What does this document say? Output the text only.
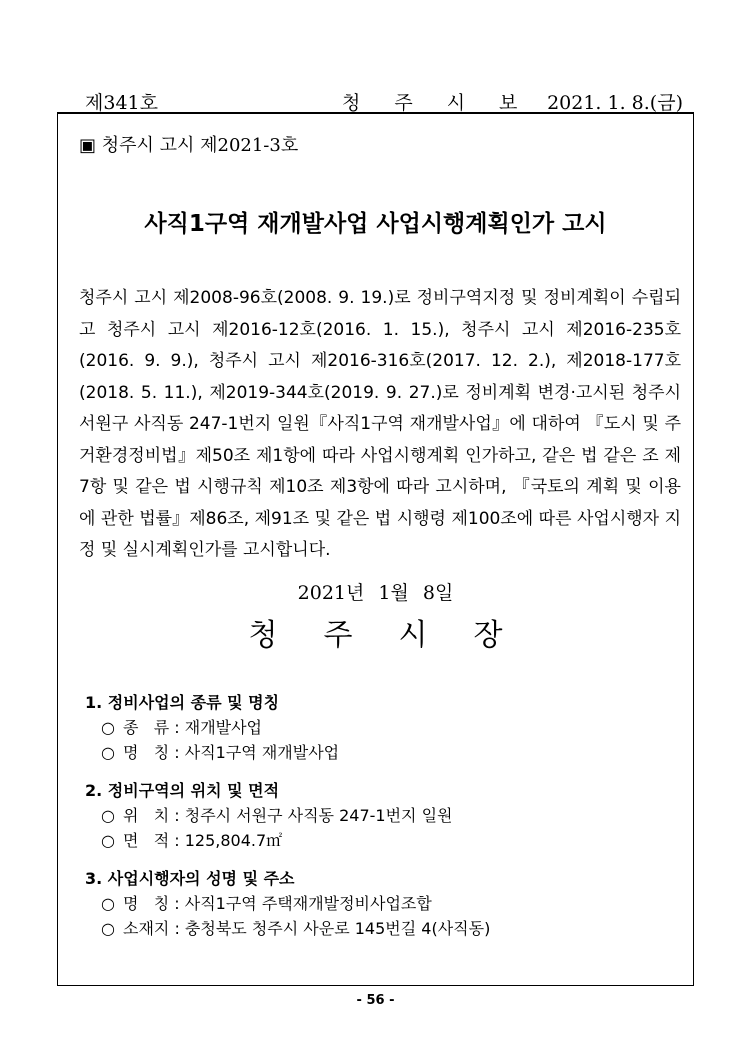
제341호	청주시보
2021. 1. 8.(금)
▣ 청주시 고시 제2021-3호
사직1구역 재개발사업 사업시행계획인가 고시
청주시 고시 제2008-96호(2008. 9. 19.)로 정비구역지정 및 정비계획이 수립되고 청주시 고시 제2016-12호(2016. 1. 15.), 청주시 고시 제2016-235호(2016. 9. 9.), 청주시 고시 제2016-316호(2017. 12. 2.), 제2018-177호(2018. 5. 11.), 제2019-344호(2019. 9. 27.)로 정비계획 변경·고시된 청주시 서원구 사직동 247-1번지 일원『사직1구역 재개발사업』에 대하여 『도시 및 주거환경정비법』제50조 제1항에 따라 사업시행계획 인가하고, 같은 법 같은 조 제7항 및 같은 법 시행규칙 제10조 제3항에 따라 고시하며, 『국토의 계획 및 이용에 관한 법률』제86조, 제91조 및 같은 법 시행령 제100조에 따른 사업시행자 지정 및 실시계획인가를 고시합니다.
2021년 1월 8일
청주시장
1. 정비사업의 종류 및 명칭
○ 종   류 : 재개발사업
○ 명   칭 : 사직1구역 재개발사업
2. 정비구역의 위치 및 면적
○ 위   치 : 청주시 서원구 사직동 247-1번지 일원
○ 면   적 : 125,804.7㎡
3. 사업시행자의 성명 및 주소
○ 명   칭 : 사직1구역 주택재개발정비사업조합
○ 소재지 : 충청북도 청주시 사운로 145번길 4(사직동)
- 56 -
